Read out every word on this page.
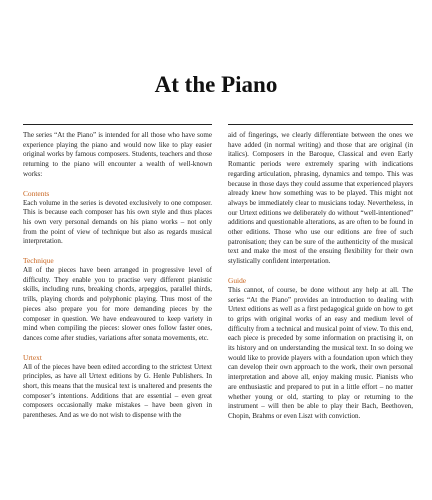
At the Piano

The series “At the Piano” is intended for all those who have some experience playing the piano and would now like to play easier original works by famous composers. Students, teachers and those returning to the piano will encounter a wealth of well-known works:

Contents

Each volume in the series is devoted exclusively to one composer. This is because each composer has his own style and thus places his own very personal demands on his piano works – not only from the point of view of technique but also as regards musical interpretation.

Technique

All of the pieces have been arranged in progressive level of difficulty. They enable you to practise very different pianistic skills, including runs, breaking chords, arpeggios, parallel thirds, trills, playing chords and polyphonic playing. Thus most of the pieces also prepare you for more demanding pieces by the composer in question. We have endeavoured to keep variety in mind when compiling the pieces: slower ones follow faster ones, dances come after studies, variations after sonata movements, etc.

Urtext

All of the pieces have been edited according to the strictest Urtext principles, as have all Urtext editions by G. Henle Publishers. In short, this means that the musical text is unaltered and presents the composer’s intentions. Additions that are essential – even great composers occasionally make mistakes – have been given in parentheses. And as we do not wish to dispense with the

aid of fingerings, we clearly differentiate between the ones we have added (in normal writing) and those that are original (in italics). Composers in the Baroque, Classical and even Early Romantic periods were extremely sparing with indications regarding articulation, phrasing, dynamics and tempo. This was because in those days they could assume that experienced players already knew how something was to be played. This might not always be immediately clear to musicians today. Nevertheless, in our Urtext editions we deliberately do without “well-intentioned” additions and questionable alterations, as are often to be found in other editions. Those who use our editions are free of such patronisation; they can be sure of the authenticity of the musical text and make the most of the ensuing flexibility for their own stylistically confident interpretation.

Guide

This cannot, of course, be done without any help at all. The series “At the Piano” provides an introduction to dealing with Urtext editions as well as a first pedagogical guide on how to get to grips with original works of an easy and medium level of difficulty from a technical and musical point of view. To this end, each piece is preceded by some information on practising it, on its history and on understanding the musical text. In so doing we would like to provide players with a foundation upon which they can develop their own approach to the work, their own personal interpretation and above all, enjoy making music. Pianists who are enthusiastic and prepared to put in a little effort – no matter whether young or old, starting to play or returning to the instrument – will then be able to play their Bach, Beethoven, Chopin, Brahms or even Liszt with conviction.
